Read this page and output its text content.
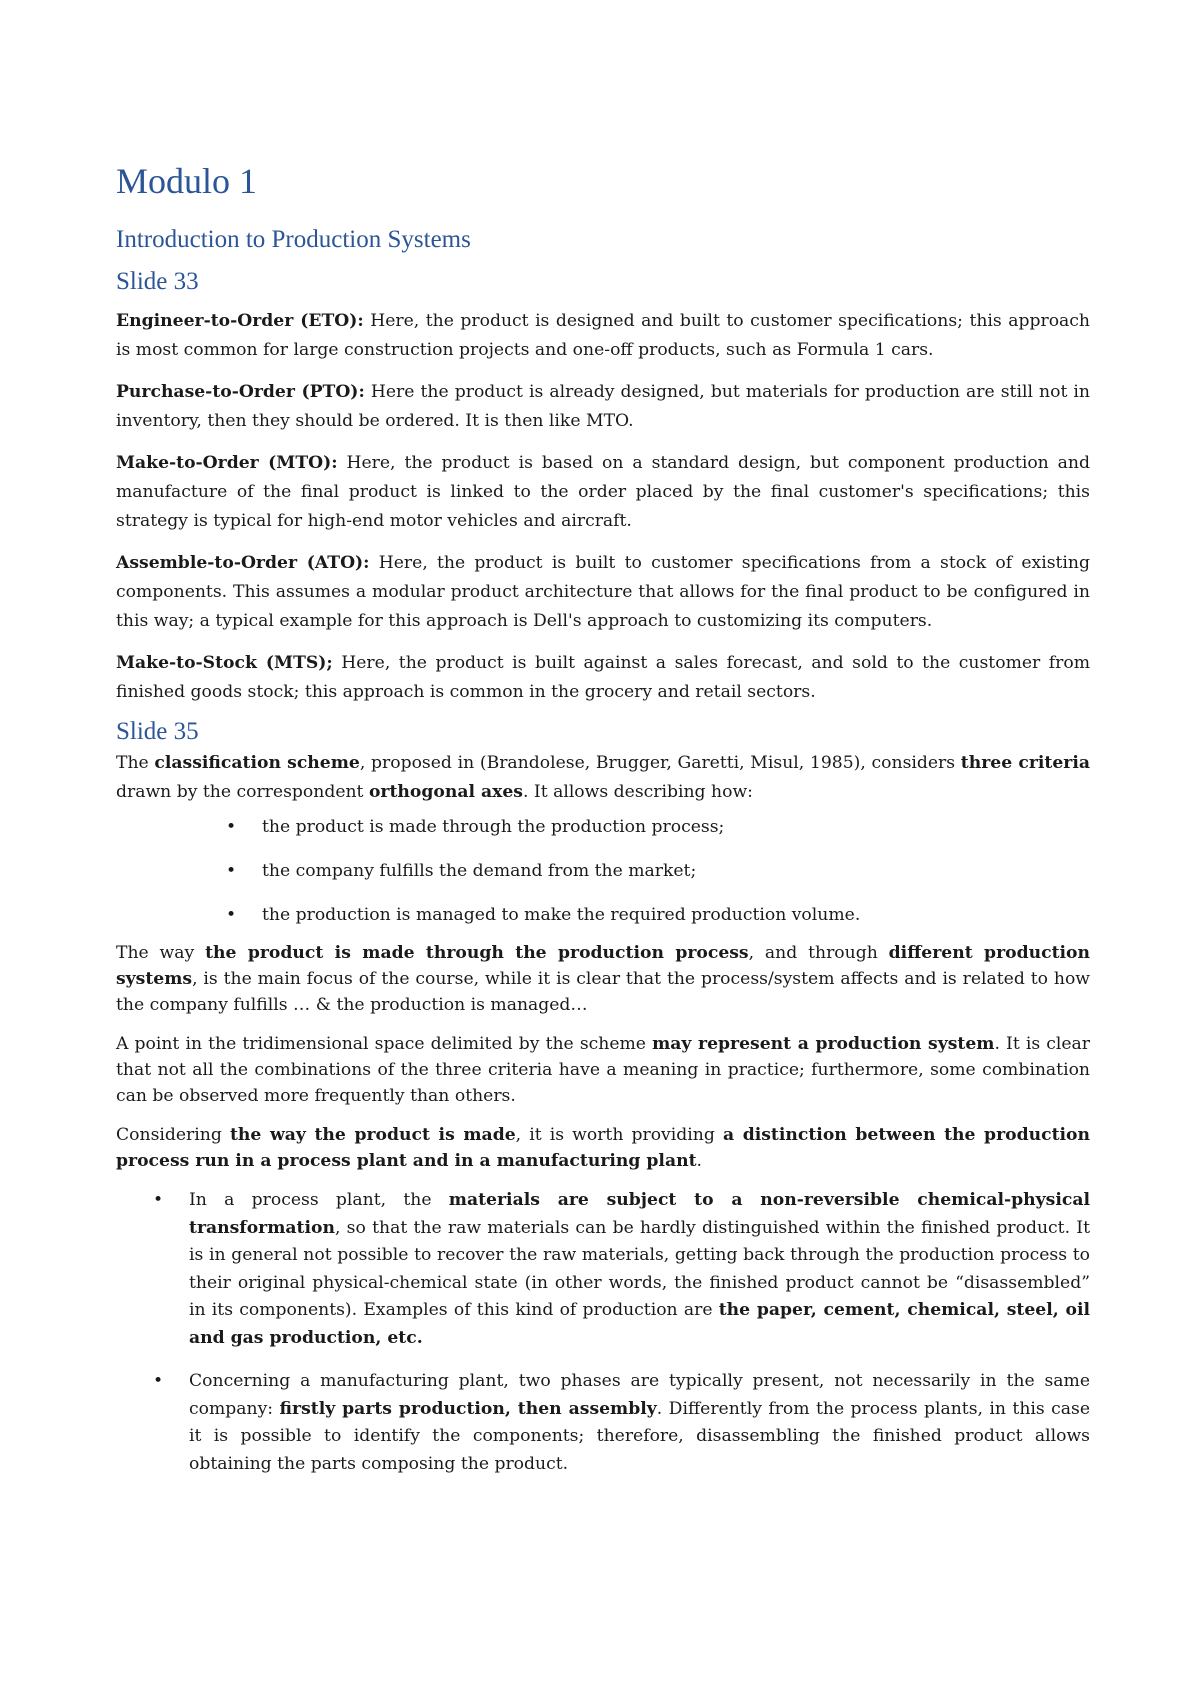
Modulo 1
Introduction to Production Systems
Slide 33

Engineer-to-Order (ETO): Here, the product is designed and built to customer specifications; this approach is most common for large construction projects and one-off products, such as Formula 1 cars.

Purchase-to-Order (PTO): Here the product is already designed, but materials for production are still not in inventory, then they should be ordered. It is then like MTO.

Make-to-Order (MTO): Here, the product is based on a standard design, but component production and manufacture of the final product is linked to the order placed by the final customer's specifications; this strategy is typical for high-end motor vehicles and aircraft.

Assemble-to-Order (ATO): Here, the product is built to customer specifications from a stock of existing components. This assumes a modular product architecture that allows for the final product to be configured in this way; a typical example for this approach is Dell's approach to customizing its computers.

Make-to-Stock (MTS); Here, the product is built against a sales forecast, and sold to the customer from finished goods stock; this approach is common in the grocery and retail sectors.

Slide 35

The classification scheme, proposed in (Brandolese, Brugger, Garetti, Misul, 1985), considers three criteria drawn by the correspondent orthogonal axes. It allows describing how:

• the product is made through the production process;
• the company fulfills the demand from the market;
• the production is managed to make the required production volume.

The way the product is made through the production process, and through different production systems, is the main focus of the course, while it is clear that the process/system affects and is related to how the company fulfills … & the production is managed…

A point in the tridimensional space delimited by the scheme may represent a production system. It is clear that not all the combinations of the three criteria have a meaning in practice; furthermore, some combination can be observed more frequently than others.

Considering the way the product is made, it is worth providing a distinction between the production process run in a process plant and in a manufacturing plant.

• In a process plant, the materials are subject to a non-reversible chemical-physical transformation, so that the raw materials can be hardly distinguished within the finished product. It is in general not possible to recover the raw materials, getting back through the production process to their original physical-chemical state (in other words, the finished product cannot be “disassembled” in its components). Examples of this kind of production are the paper, cement, chemical, steel, oil and gas production, etc.
• Concerning a manufacturing plant, two phases are typically present, not necessarily in the same company: firstly parts production, then assembly. Differently from the process plants, in this case it is possible to identify the components; therefore, disassembling the finished product allows obtaining the parts composing the product.
